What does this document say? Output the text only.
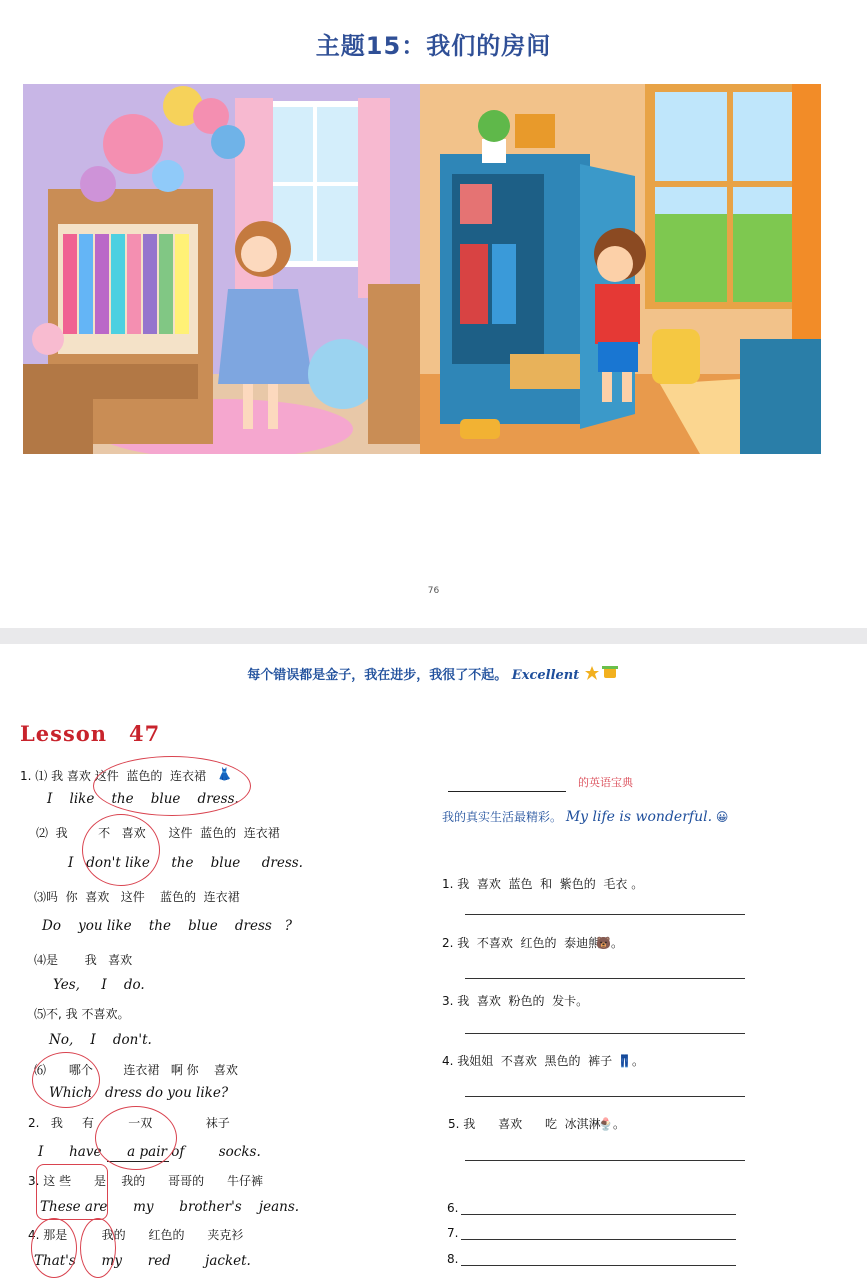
主题15：我们的房间
76
每个错误都是金子，我在进步，我很了不起。 Excellent
Lesson　47
1. ⑴ 我 喜欢 这件  蓝色的  连衣裙 👗
I    like    the    blue    dress.
⑵  我        不   喜欢      这件  蓝色的  连衣裙
I   don't like     the    blue     dress.
⑶吗  你  喜欢   这件    蓝色的  连衣裙
Do    you like    the    blue    dress   ?
⑷是       我   喜欢
Yes,     I    do.
⑸不, 我 不喜欢。
No,    I    don't.
⑹      哪个        连衣裙   啊 你    喜欢
Which   dress do you like?
2.   我     有         一双              袜子
I      have      a pair of        socks.
3. 这 些      是    我的      哥哥的      牛仔裤
These are      my      brother's    jeans.
4. 那是         我的      红色的      夹克衫
That's      my      red        jacket.
的英语宝典
我的真实生活最精彩。 My life is wonderful. 😀
1. 我  喜欢  蓝色  和  紫色的  毛衣 。
2. 我  不喜欢  红色的  泰迪熊
🐻。
3. 我  喜欢  粉色的  发卡。
4. 我姐姐  不喜欢  黑色的  裤子 👖。
5. 我      喜欢      吃  冰淇淋
🍨。
6.
7.
8.
